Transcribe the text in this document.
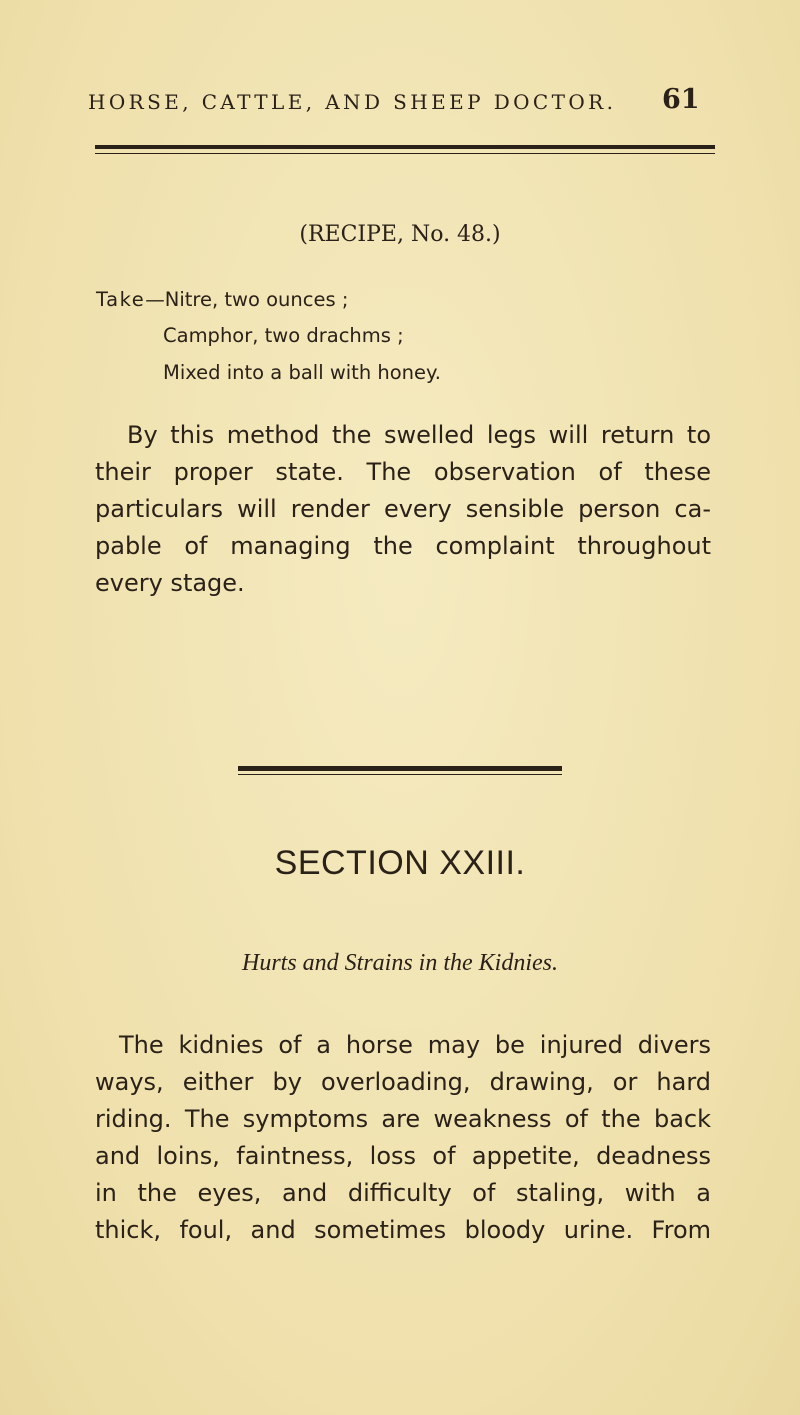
HORSE, CATTLE, AND SHEEP DOCTOR.	61
(RECIPE, No. 48.)
Take—Nitre, two ounces ;
Camphor, two drachms ;
Mixed into a ball with honey.
By this method the swelled legs will return to
their proper state. The observation of these
particulars will render every sensible person ca-
pable of managing the complaint throughout
every stage.
SECTION XXIII.
Hurts and Strains in the Kidnies.
The kidnies of a horse may be injured divers
ways, either by overloading, drawing, or hard
riding. The symptoms are weakness of the back
and loins, faintness, loss of appetite, deadness
in the eyes, and difficulty of staling, with a
thick, foul, and sometimes bloody urine. From
